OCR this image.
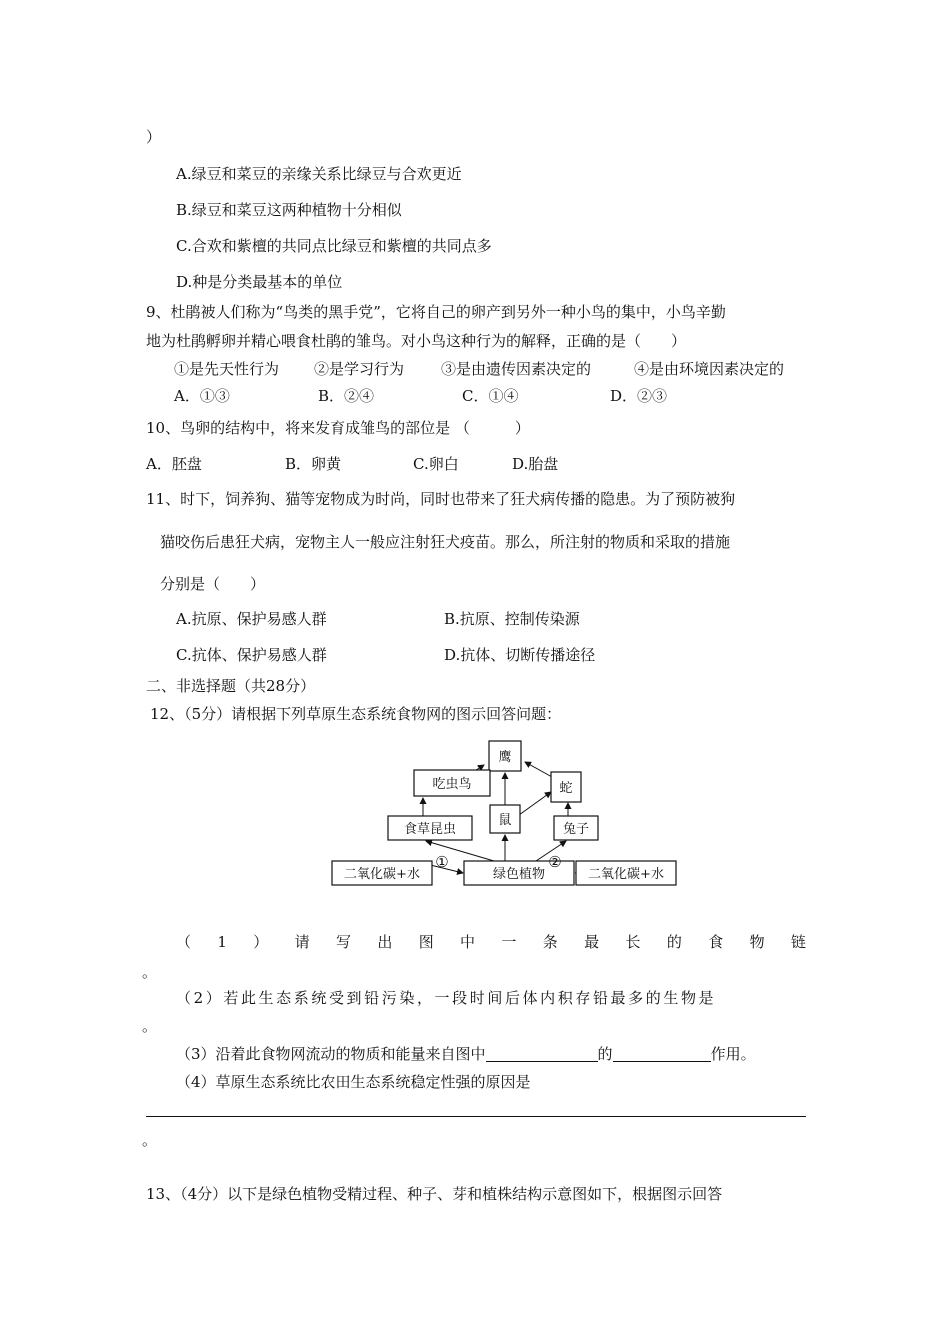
）
A.绿豆和菜豆的亲缘关系比绿豆与合欢更近
B.绿豆和菜豆这两种植物十分相似
C.合欢和紫檀的共同点比绿豆和紫檀的共同点多
D.种是分类最基本的单位
9、杜鹃被人们称为“鸟类的黑手党”，它将自己的卵产到另外一种小鸟的集中，小鸟辛勤
地为杜鹃孵卵并精心喂食杜鹃的雏鸟。对小鸟这种行为的解释，正确的是（　　）
①是先天性行为 ②是学习行为 ③是由遗传因素决定的	④是由环境因素决定的
A．①③	B．②④	C．①④	D．②③
10、鸟卵的结构中，将来发育成雏鸟的部位是 （　　　）
A．胚盘	B．卵黄	C.卵白	D.胎盘
11、时下，饲养狗、猫等宠物成为时尚，同时也带来了狂犬病传播的隐患。为了预防被狗
猫咬伤后患狂犬病，宠物主人一般应注射狂犬疫苗。那么，所注射的物质和采取的措施
分别是（　　）
A.抗原、保护易感人群	B.抗原、控制传染源
C.抗体、保护易感人群	D.抗体、切断传播途径
二、非选择题（共28分）
12、（5分）请根据下列草原生态系统食物网的图示回答问题：
鹰
吃虫鸟	蛇
鼠
食草昆虫	兔子
二氧化碳+水	绿色植物	二氧化碳+水
①	②
（ 1 ） 请 写 出 图 中 一 条 最 长 的 食 物 链
。
（2）若此生态系统受到铅污染，一段时间后体内积存铅最多的生物是
。
（3）沿着此食物网流动的物质和能量来自图中	的	作用。
（4）草原生态系统比农田生态系统稳定性强的原因是
。
13、（4分）以下是绿色植物受精过程、种子、芽和植株结构示意图如下，根据图示回答
